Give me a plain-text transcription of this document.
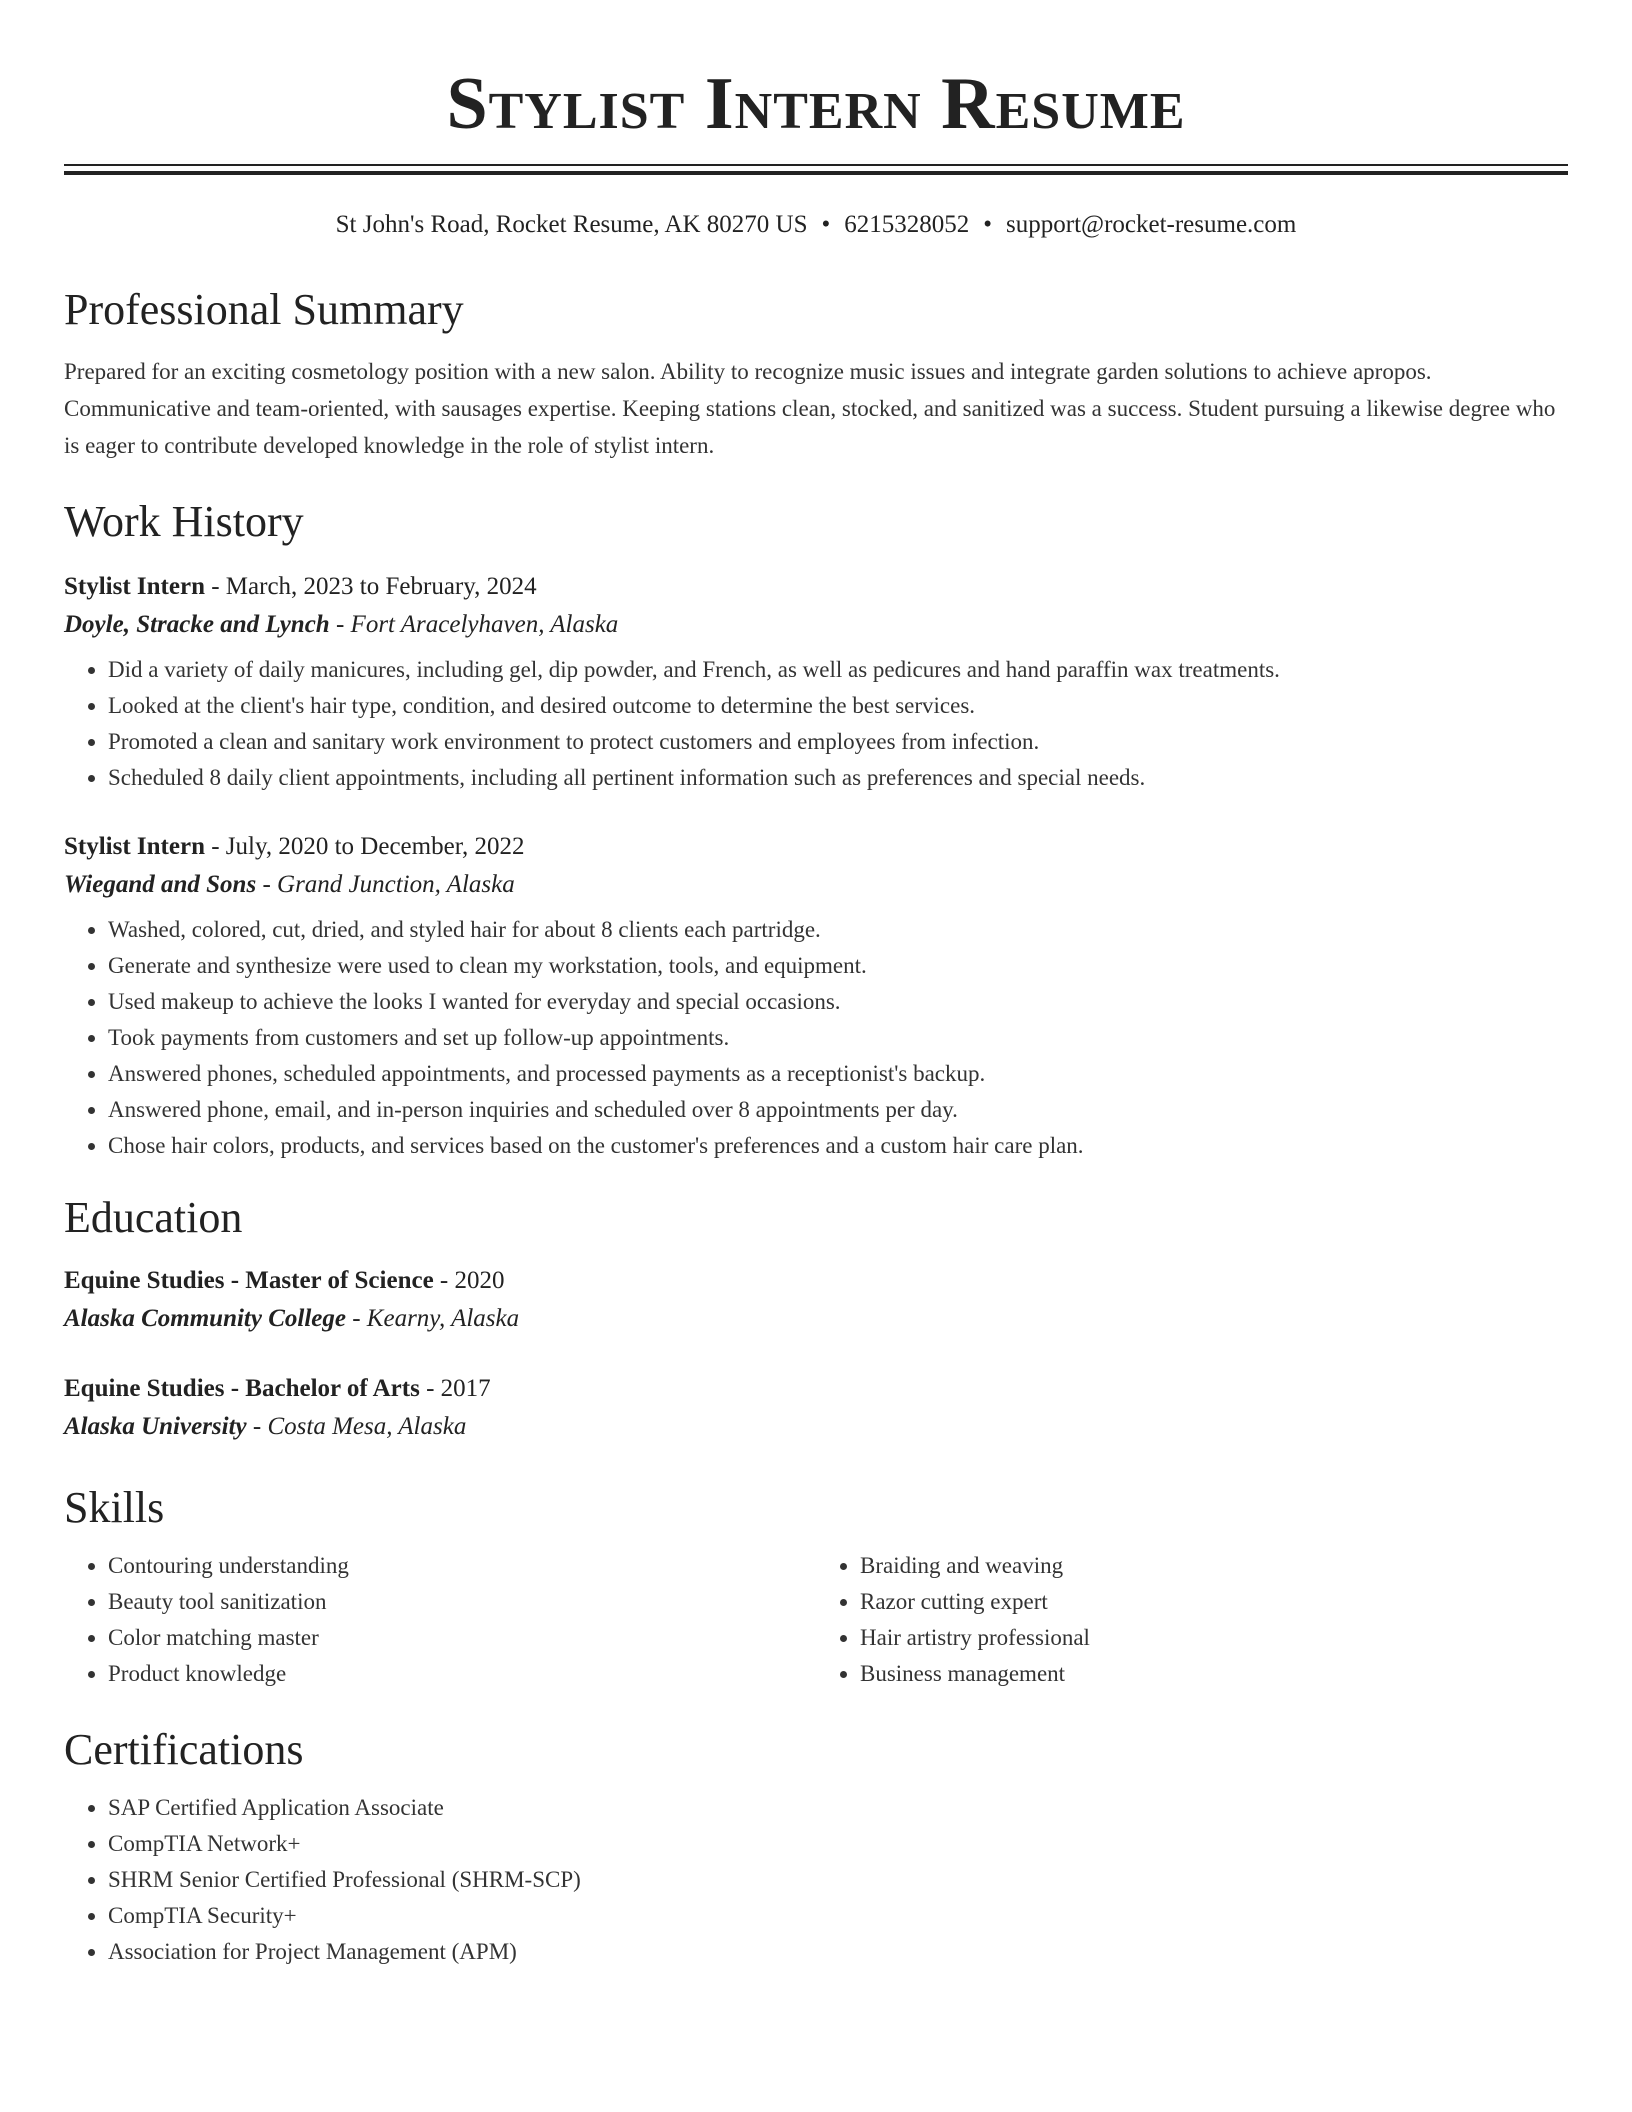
Stylist Intern Resume
St John's Road, Rocket Resume, AK 80270 US • 6215328052 • support@rocket-resume.com
Professional Summary

Prepared for an exciting cosmetology position with a new salon. Ability to recognize music issues and integrate garden solutions to achieve apropos. Communicative and team-oriented, with sausages expertise. Keeping stations clean, stocked, and sanitized was a success. Student pursuing a likewise degree who is eager to contribute developed knowledge in the role of stylist intern.

Work History
Stylist Intern - March, 2023 to February, 2024
Doyle, Stracke and Lynch - Fort Aracelyhaven, Alaska
• Did a variety of daily manicures, including gel, dip powder, and French, as well as pedicures and hand paraffin wax treatments.
• Looked at the client's hair type, condition, and desired outcome to determine the best services.
• Promoted a clean and sanitary work environment to protect customers and employees from infection.
• Scheduled 8 daily client appointments, including all pertinent information such as preferences and special needs.
Stylist Intern - July, 2020 to December, 2022
Wiegand and Sons - Grand Junction, Alaska
• Washed, colored, cut, dried, and styled hair for about 8 clients each partridge.
• Generate and synthesize were used to clean my workstation, tools, and equipment.
• Used makeup to achieve the looks I wanted for everyday and special occasions.
• Took payments from customers and set up follow-up appointments.
• Answered phones, scheduled appointments, and processed payments as a receptionist's backup.
• Answered phone, email, and in-person inquiries and scheduled over 8 appointments per day.
• Chose hair colors, products, and services based on the customer's preferences and a custom hair care plan.
Education
Equine Studies - Master of Science - 2020
Alaska Community College - Kearny, Alaska
Equine Studies - Bachelor of Arts - 2017
Alaska University - Costa Mesa, Alaska
Skills
• Contouring understanding
• Beauty tool sanitization
• Color matching master
• Product knowledge
• Braiding and weaving
• Razor cutting expert
• Hair artistry professional
• Business management
Certifications
• SAP Certified Application Associate
• CompTIA Network+
• SHRM Senior Certified Professional (SHRM-SCP)
• CompTIA Security+
• Association for Project Management (APM)
